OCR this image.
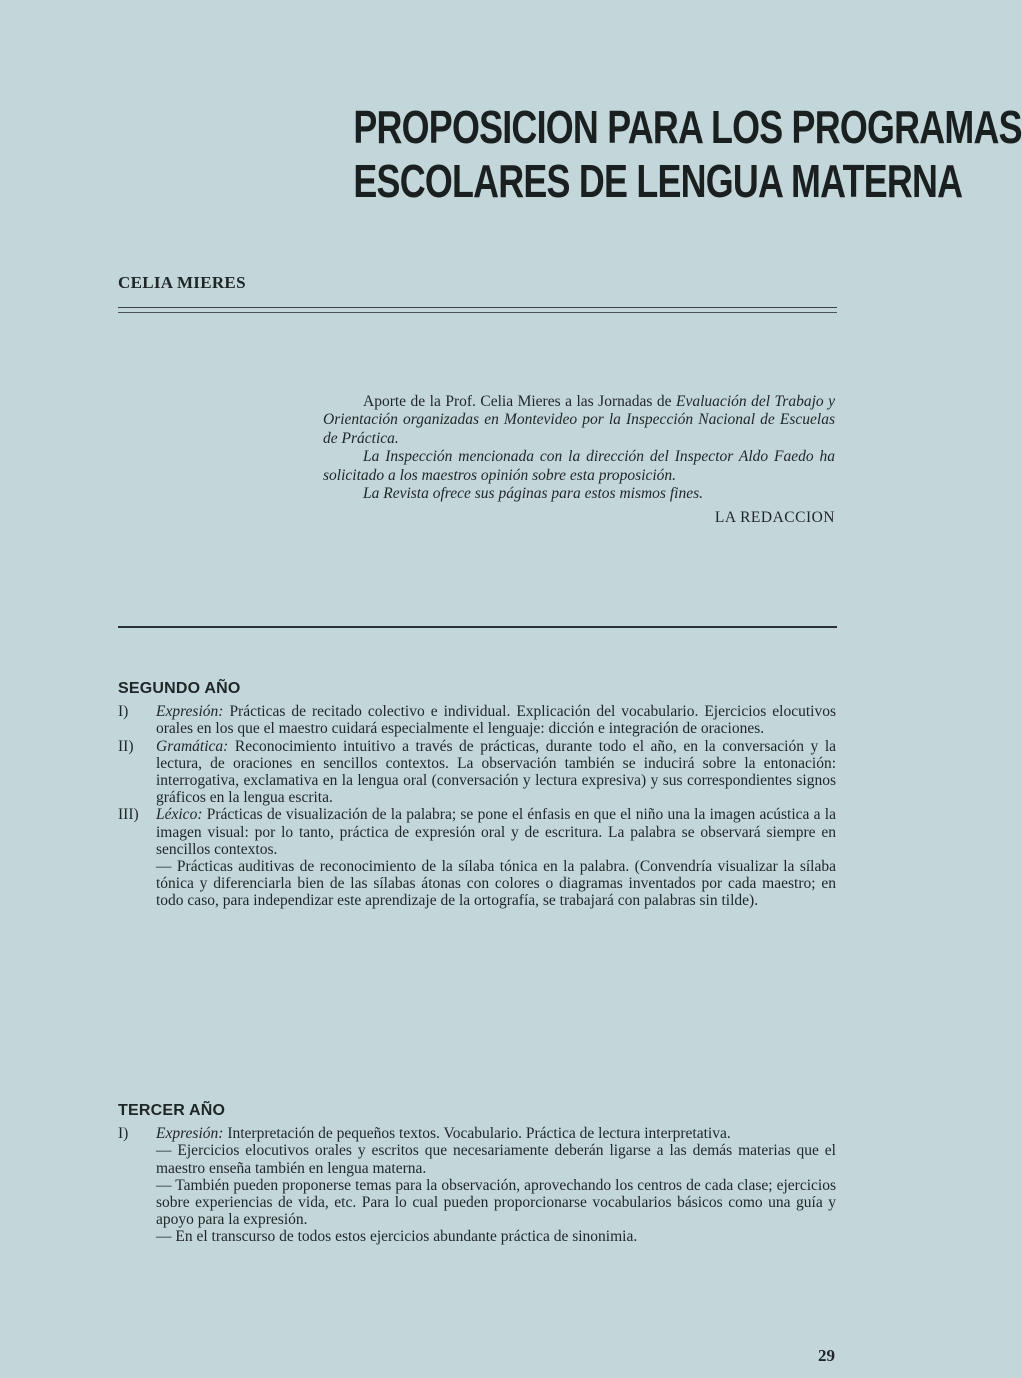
PROPOSICION PARA LOS PROGRAMAS
ESCOLARES DE LENGUA MATERNA
CELIA MIERES

Aporte de la Prof. Celia Mieres a las Jornadas de Evaluación del Trabajo y Orientación organizadas en Montevideo por la Inspección Nacional de Escuelas de Práctica.

La Inspección mencionada con la dirección del Inspector Aldo Faedo ha solicitado a los maestros opinión sobre esta proposición.

La Revista ofrece sus páginas para estos mismos fines.

LA REDACCION

SEGUNDO AÑO
I)	Expresión: Prácticas de recitado colectivo e individual. Explicación del vocabulario. Ejercicios elocutivos orales en los que el maestro cuidará especialmente el lenguaje: dicción e integración de oraciones.

II)	Gramática: Reconocimiento intuitivo a través de prácticas, durante todo el año, en la conversación y la lectura, de oraciones en sencillos contextos. La observación también se inducirá sobre la entonación: interrogativa, exclamativa en la lengua oral (conversación y lectura expresiva) y sus correspondientes signos gráficos en la lengua escrita.

III)	Léxico: Prácticas de visualización de la palabra; se pone el énfasis en que el niño una la imagen acústica a la imagen visual: por lo tanto, práctica de expresión oral y de escritura. La palabra se observará siempre en sencillos contextos.

— Prácticas auditivas de reconocimiento de la sílaba tónica en la palabra. (Convendría visualizar la sílaba tónica y diferenciarla bien de las sílabas átonas con colores o diagramas inventados por cada maestro; en todo caso, para independizar este aprendizaje de la ortografía, se trabajará con palabras sin tilde).

TERCER AÑO
I)	Expresión: Interpretación de pequeños textos. Vocabulario. Práctica de lectura interpretativa.

— Ejercicios elocutivos orales y escritos que necesariamente deberán ligarse a las demás materias que el maestro enseña también en lengua materna.

— También pueden proponerse temas para la observación, aprovechando los centros de cada clase; ejercicios sobre experiencias de vida, etc. Para lo cual pueden proporcionarse vocabularios básicos como una guía y apoyo para la expresión.

— En el transcurso de todos estos ejercicios abundante práctica de sinonimia.

29
